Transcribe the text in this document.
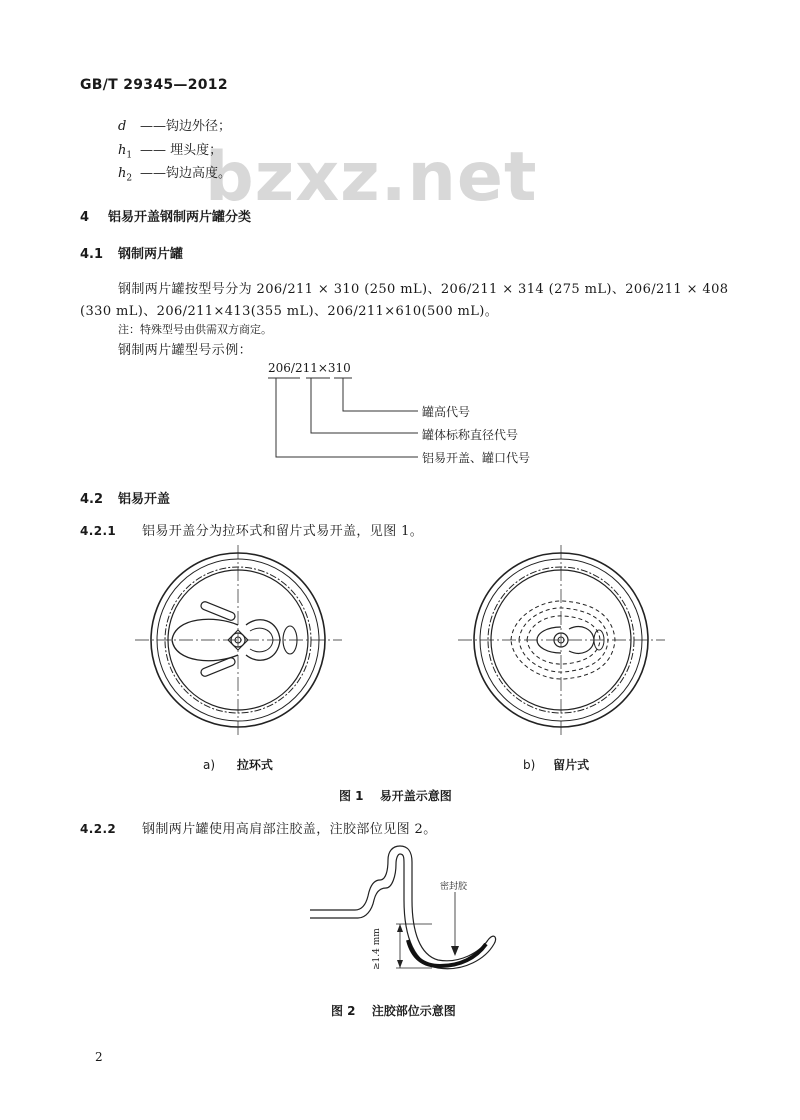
GB/T 29345—2012
bzxz.net
d ——钩边外径；
$h_1$ —— 埋头度；
$h_2$ ——钩边高度。
4 铝易开盖钢制两片罐分类
4.1 钢制两片罐
钢制两片罐按型号分为 206/211 × 310 (250 mL)、206/211 × 314 (275 mL)、206/211 × 408
(330 mL)、206/211×413(355 mL)、206/211×610(500 mL)。
注：特殊型号由供需双方商定。
钢制两片罐型号示例：
206/211×310
罐高代号
罐体标称直径代号
铝易开盖、罐口代号
4.2 铝易开盖
4.2.1 铝易开盖分为拉环式和留片式易开盖，见图 1。
a) 拉环式	b) 留片式
图 1 易开盖示意图
4.2.2 钢制两片罐使用高肩部注胶盖，注胶部位见图 2。
密封胶
≥1.4 mm
图 2 注胶部位示意图
2
